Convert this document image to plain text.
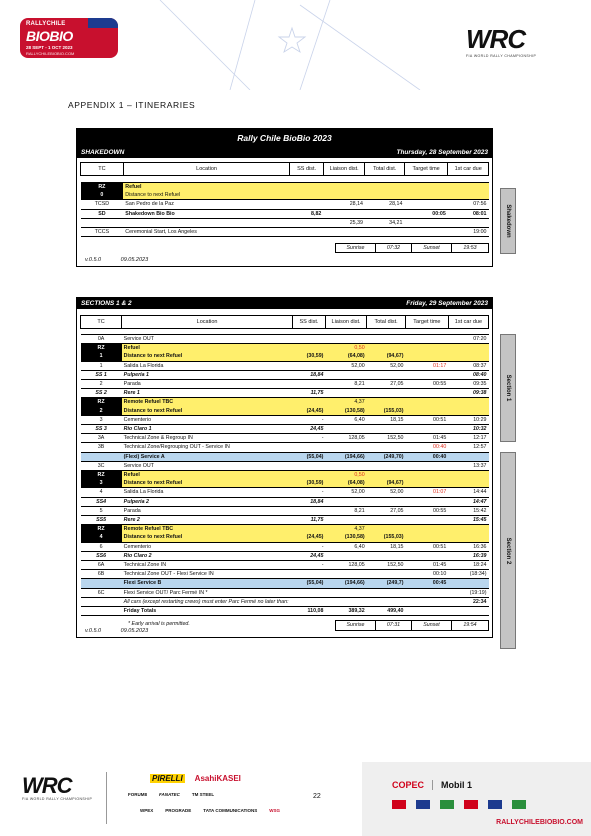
RALLYCHILE
BIOBIO
28 SEPT - 1 OCT 2023
RALLYCHILEBIOBIO.COM	WRC
FIA WORLD RALLY CHAMPIONSHIP
APPENDIX 1 – ITINERARIES
Rally Chile BioBio 2023
SHAKEDOWN	Thursday, 28 September 2023
TC	Location	SS dist.	Liaison dist.	Total dist.	Target time	1st car due

RZ	Refuel					
0	Distance to next Refuel					
TCSD	San Pedro de la Paz		28,14	28,14		07:56
SD	Shakedown Bio Bio	8,82			00:05	08:01
			25,39	34,21		
TCCS	Ceremonial Start, Los Angeles					19:00
Sunrise	07:32	Sunset	19:53
v.0.5.0	09.05.2023
Shakedown
SECTIONS 1 & 2	Friday, 29 September 2023
TC	Location	SS dist.	Liaison dist.	Total dist.	Target time	1st car due

0A	Service OUT					07:20
RZ	Refuel		0,50			
1	Distance to next Refuel	(30,59)	(64,08)	(94,67)		
1	Salida La Florida		52,00	52,00	01:17	08:37
SS 1	Pulperia 1	18,84				08:40
2	Parada		8,21	27,05	00:55	09:35
SS 2	Rere 1	11,75				09:38
RZ	Remote Refuel TBC		4,37			
2	Distance to next Refuel	(24,45)	(130,58)	(155,03)		
3	Cementerio	-	6,40	18,15	00:51	10:29
SS 3	Rio Claro 1	24,45				10:32
3A	Technical Zone & Regroup IN	-	128,05	152,50	01:45	12:17
3B	Technical Zone/Regrouping OUT - Service IN				00:40	12:57
	(Flexi) Service A	(55,04)	(194,66)	(249,70)	00:40	
3C	Service OUT					13:37
RZ	Refuel		0,50			
3	Distance to next Refuel	(30,59)	(64,08)	(94,67)		
4	Salida La Florida	-	52,00	52,00	01:07	14:44
SS4	Pulperia 2	18,84				14:47
5	Parada		8,21	27,05	00:55	15:42
SS5	Rere 2	11,75				15:45
RZ	Remote Refuel TBC		4,37			
4	Distance to next Refuel	(24,45)	(130,58)	(155,03)		
6	Cementerio	-	6,40	18,15	00:51	16:36
SS6	Rio Claro 2	24,45				16:39
6A	Technical Zone IN	-	128,05	152,50	01:45	18:24
6B	Technical Zone OUT - Flexi Service IN				00:10	(18:34)
	Flexi Service B	(55,04)	(194,66)	(249,7)	00:45	
6C	Flexi Service OUT/ Parc Fermé IN *					(19:19)
	All cars (except restarting crews) must enter Parc Fermé no later than:					22:34
	Friday Totals	110,08	389,32	499,40		
* Early arrival is permitted.
v.0.5.0	09.05.2023
Sunrise	07:31	Sunset	19:54
Section 1
Section 2
WRC
FIA WORLD RALLY CHAMPIONSHIP
PIRELLI AsahiKASEI
FORUM8	FANATEC	TM STEEL
WPEX	PROGRADE	TATA COMMUNICATIONS	WSG
22
COPEC Mobil 1
RALLYCHILEBIOBIO.COM
